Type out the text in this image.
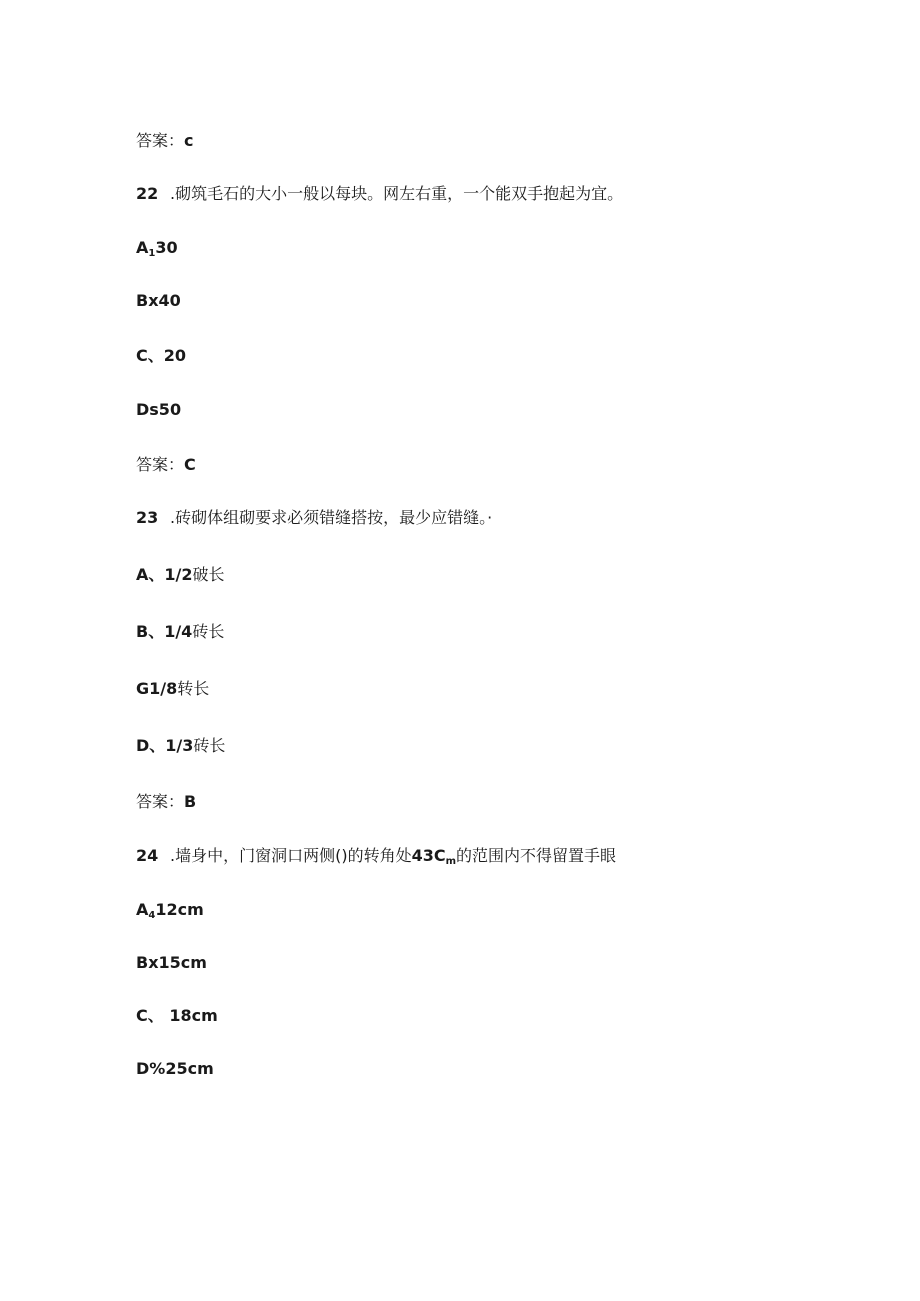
答案：c
22 .砌筑毛石的大小一般以每块。网左右重，一个能双手抱起为宜。
$A_130$
Bx40
C、20
Ds50
答案：C
23 .砖砌体组砌要求必须错缝搭按，最少应错缝。·
A、1/2破长
B、1/4砖长
G1/8转长
D、1/3砖长
答案：B
24 .墙身中，门窗洞口两侧()的转角处$43C_m$的范围内不得留置手眼
$A_412cm$
Bx15cm
C、 18cm
D%25cm
